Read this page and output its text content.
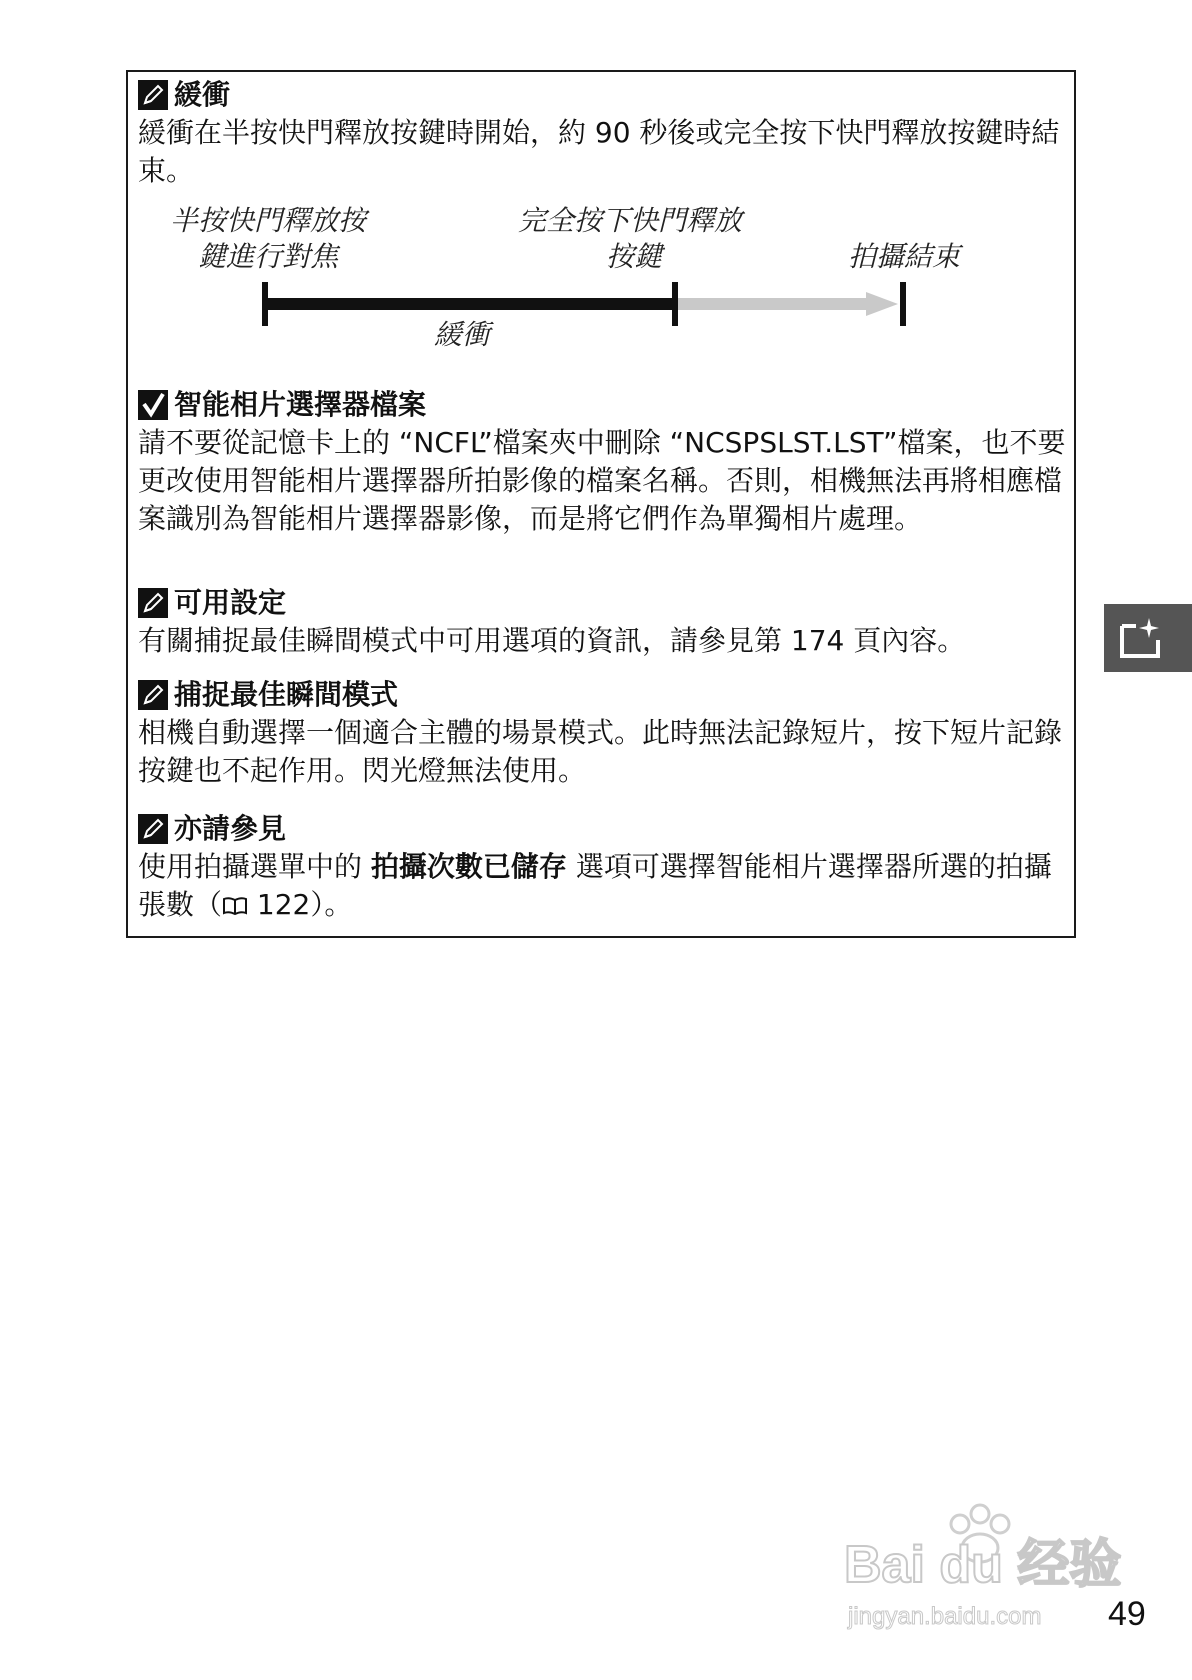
緩衝

緩衝在半按快門釋放按鍵時開始，約 90 秒後或完全按下快門釋放按鍵時結束。

半按快門釋放按
鍵進行對焦
完全按下快門釋放
按鍵	拍攝結束
緩衝
智能相片選擇器檔案

請不要從記憶卡上的 “NCFL”檔案夾中刪除 “NCSPSLST.LST”檔案，也不要更改使用智能相片選擇器所拍影像的檔案名稱。否則，相機無法再將相應檔案識別為智能相片選擇器影像，而是將它們作為單獨相片處理。

可用設定

有關捕捉最佳瞬間模式中可用選項的資訊，請參見第 174 頁內容。

捕捉最佳瞬間模式

相機自動選擇一個適合主體的場景模式。此時無法記錄短片，按下短片記錄按鍵也不起作用。閃光燈無法使用。

亦請參見

使用拍攝選單中的 拍攝次數已儲存 選項可選擇智能相片選擇器所選的拍攝張數（ 122）。

Bai du 经验
jingyan.baidu.com 49
